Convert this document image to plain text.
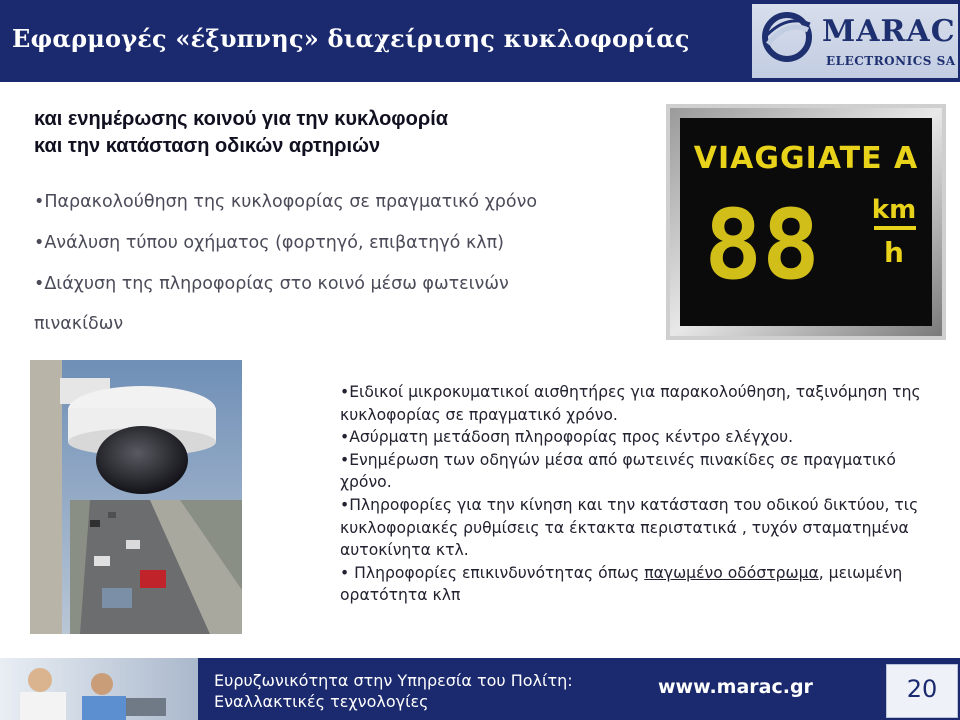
Εφαρμογές «έξυπνης» διαχείρισης κυκλοφορίας	MARAC
ELECTRONICS SA
και ενημέρωσης κοινού για την κυκλοφορία
και την κατάσταση οδικών αρτηριών
•Παρακολούθηση της κυκλοφορίας σε πραγματικό χρόνο
•Ανάλυση τύπου οχήματος (φορτηγό, επιβατηγό κλπ)
•Διάχυση της πληροφορίας στο κοινό μέσω φωτεινών
πινακίδων
VIAGGIATE A
88 km
h

•Ειδικοί μικροκυματικοί αισθητήρες για παρακολούθηση, ταξινόμηση της κυκλοφορίας σε πραγματικό χρόνο.

•Ασύρματη μετάδοση πληροφορίας προς κέντρο ελέγχου.

•Ενημέρωση των οδηγών μέσα από φωτεινές πινακίδες σε πραγματικό χρόνο.

•Πληροφορίες για την κίνηση και την κατάσταση του οδικού δικτύου, τις κυκλοφοριακές ρυθμίσεις τα έκτακτα περιστατικά , τυχόν σταματημένα αυτοκίνητα κτλ.

• Πληροφορίες επικινδυνότητας όπως παγωμένο οδόστρωμα, μειωμένη ορατότητα κλπ

Ευρυζωνικότητα στην Υπηρεσία του Πολίτη:
Εναλλακτικές τεχνολογίες
www.marac.gr	20
